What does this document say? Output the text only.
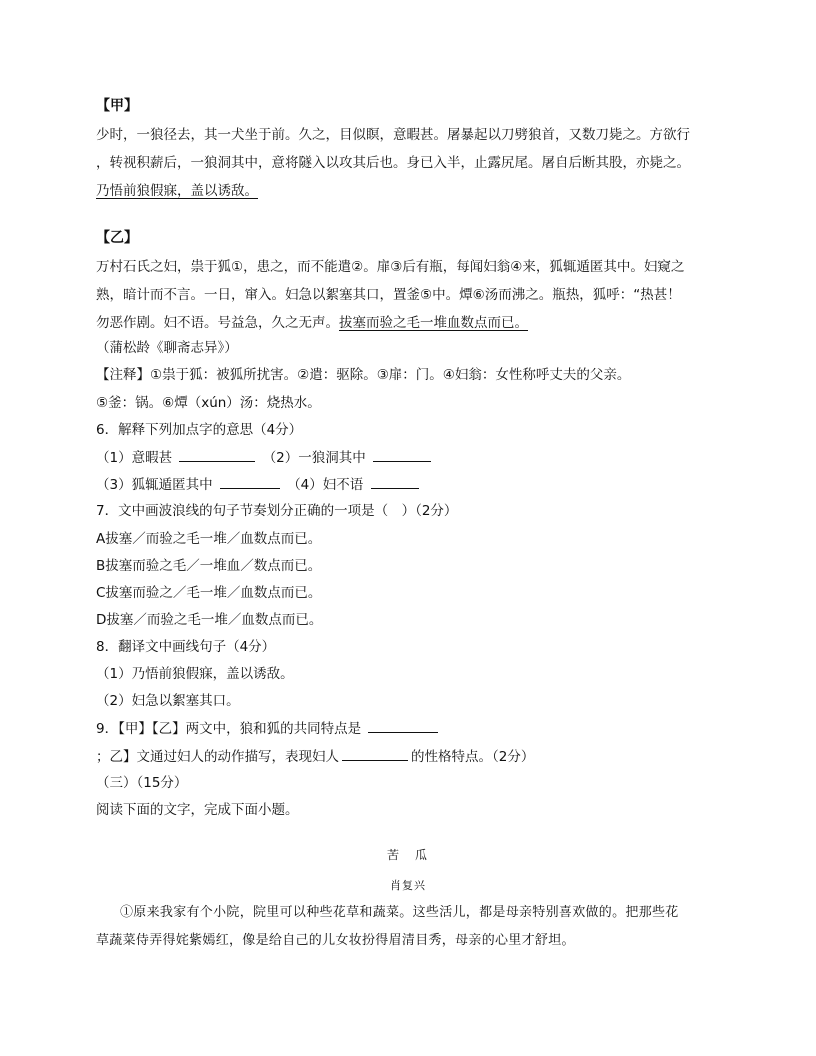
【甲】
少时，一狼径去，其一犬坐于前。久之，目似瞑，意暇甚。屠暴起以刀劈狼首，又数刀毙之。方欲行
，转视积薪后，一狼洞其中，意将隧入以攻其后也。身已入半，止露尻尾。屠自后断其股，亦毙之。
乃悟前狼假寐，盖以诱敌。
【乙】
万村石氏之妇，祟于狐①，患之，而不能遣②。扉③后有瓶，每闻妇翁④来，狐辄遁匿其中。妇窥之
熟，暗计而不言。一日，窜入。妇急以絮塞其口，置釜⑤中。燂⑥汤而沸之。瓶热，狐呼：“热甚！
勿恶作剧。妇不语。号益急，久之无声。拔塞而验之毛一堆血数点而已。
（蒲松龄《聊斋志异》）
【注释】①祟于狐：被狐所扰害。②遣：驱除。③扉：门。④妇翁：女性称呼丈夫的父亲。
⑤釜：锅。⑥燂（xún）汤：烧热水。
6．解释下列加点字的意思（4分）
（1）意暇甚	（2）一狼洞其中
（3）狐辄遁匿其中	（4）妇不语
7．文中画波浪线的句子节奏划分正确的一项是（　）（2分）
A拔塞／而验之毛一堆／血数点而已。
B拔塞而验之毛／一堆血／数点而已。
C拔塞而验之／毛一堆／血数点而已。
D拔塞／而验之毛一堆／血数点而已。
8．翻译文中画线句子（4分）
（1）乃悟前狼假寐，盖以诱敌。
（2）妇急以絮塞其口。
9．【甲】【乙】两文中，狼和狐的共同特点是
；乙】文通过妇人的动作描写，表现妇人	的性格特点。（2分）
（三）（15分）
阅读下面的文字，完成下面小题。
苦　瓜
肖复兴
①原来我家有个小院，院里可以种些花草和蔬菜。这些活儿，都是母亲特别喜欢做的。把那些花
草蔬菜侍弄得姹紫嫣红，像是给自己的儿女妆扮得眉清目秀，母亲的心里才舒坦。
